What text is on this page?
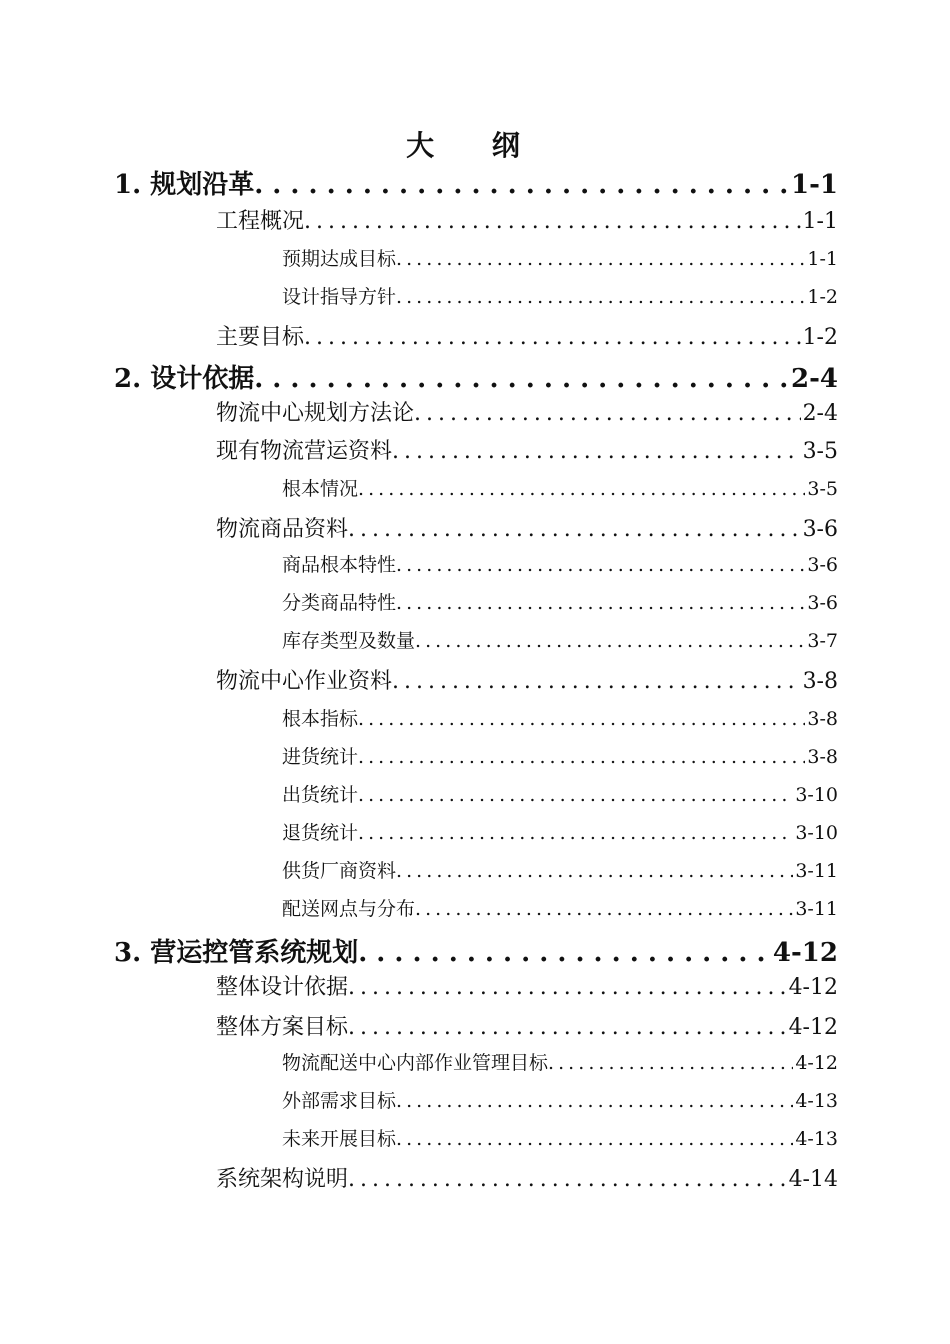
大 纲
1. 规划沿革 . . .	1-1
工程概况 . . .	1-1
预期达成目标 . . .	1-1
设计指导方针 . . .	1-2
主要目标 . . .	1-2
2. 设计依据 . . .	2-4
物流中心规划方法论 . . .	2-4
现有物流营运资料 . . .	3-5
根本情况 . . .	3-5
物流商品资料 . . .	3-6
商品根本特性 . . .	3-6
分类商品特性 . . .	3-6
库存类型及数量 . . .	3-7
物流中心作业资料 . . .	3-8
根本指标 . . .	3-8
进货统计 . . .	3-8
出货统计 . . .	3-10
退货统计 . . .	3-10
供货厂商资料 . . .	3-11
配送网点与分布 . . .	3-11
3. 营运控管系统规划 . . .	4-12
整体设计依据 . . .	4-12
整体方案目标 . . .	4-12
物流配送中心内部作业管理目标 . . .	4-12
外部需求目标 . . .	4-13
未来开展目标 . . .	4-13
系统架构说明 . . .	4-14
